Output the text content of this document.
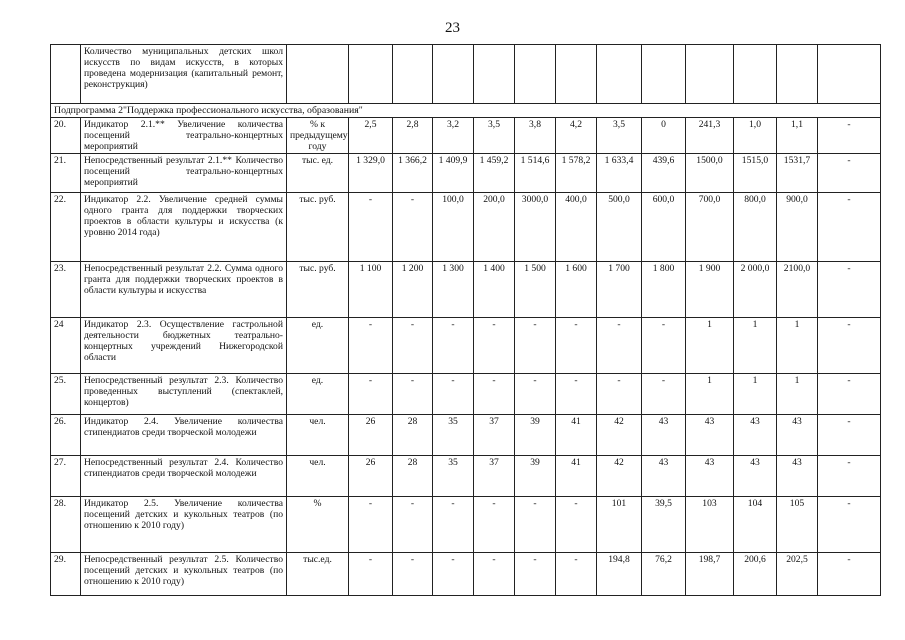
23
	Количество муниципальных детских школ искусств по видам искусств, в которых проведена модернизация (капитальный ремонт, реконструкция)													
Подпрограмма 2"Поддержка профессионального искусства, образования"														
20.	Индикатор 2.1.** Увеличение количества посещений театрально-концертных мероприятий	% к предыдущему году	2,5	2,8	3,2	3,5	3,8	4,2	3,5	0	241,3	1,0	1,1	-
21.	Непосредственный результат 2.1.** Количество посещений театрально-концертных мероприятий	тыс. ед.	1 329,0	1 366,2	1 409,9	1 459,2	1 514,6	1 578,2	1 633,4	439,6	1500,0	1515,0	1531,7	-
22.	Индикатор 2.2. Увеличение средней суммы одного гранта для поддержки творческих проектов в области культуры и искусства (к уровню 2014 года)	тыс. руб.	-	-	100,0	200,0	3000,0	400,0	500,0	600,0	700,0	800,0	900,0	-
23.	Непосредственный результат 2.2. Сумма одного гранта для поддержки творческих проектов в области культуры и искусства	тыс. руб.	1 100	1 200	1 300	1 400	1 500	1 600	1 700	1 800	1 900	2 000,0	2100,0	-
24	Индикатор 2.3. Осуществление гастрольной деятельности бюджетных театрально-концертных учреждений Нижегородской области	ед.	-	-	-	-	-	-	-	-	1	1	1	-
25.	Непосредственный результат 2.3. Количество проведенных выступлений (спектаклей, концертов)	ед.	-	-	-	-	-	-	-	-	1	1	1	-
26.	Индикатор 2.4. Увеличение количества стипендиатов среди творческой молодежи	чел.	26	28	35	37	39	41	42	43	43	43	43	-
27.	Непосредственный результат 2.4. Количество стипендиатов среди творческой молодежи	чел.	26	28	35	37	39	41	42	43	43	43	43	-
28.	Индикатор 2.5. Увеличение количества посещений детских и кукольных театров (по отношению к 2010 году)	%	-	-	-	-	-	-	101	39,5	103	104	105	-
29.	Непосредственный результат 2.5. Количество посещений детских и кукольных театров (по отношению к 2010 году)	тыс.ед.	-	-	-	-	-	-	194,8	76,2	198,7	200,6	202,5	-
